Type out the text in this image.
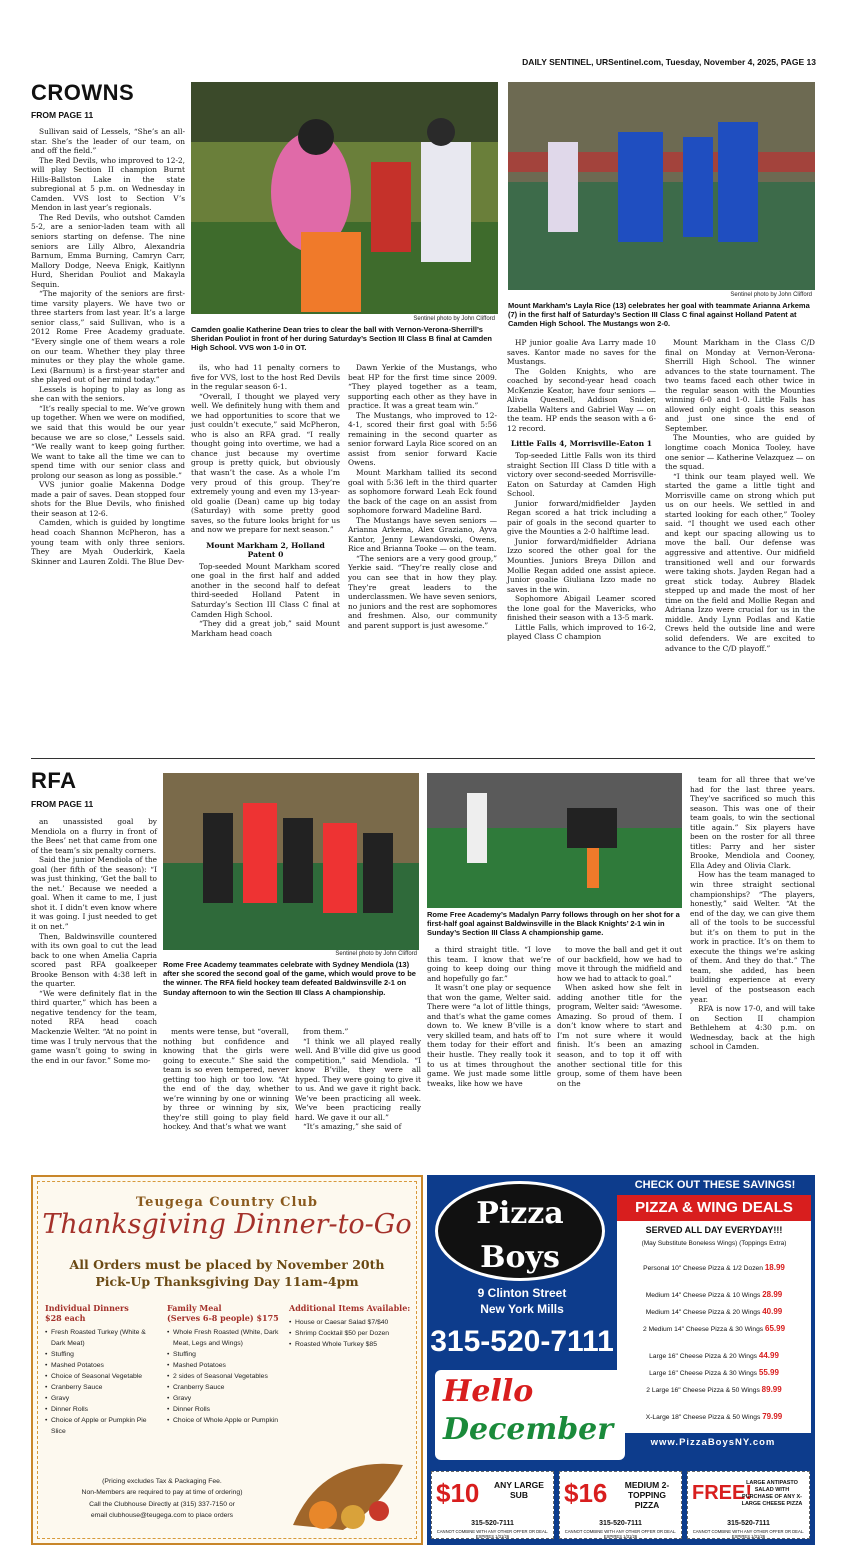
DAILY SENTINEL, URSentinel.com, Tuesday, November 4, 2025, PAGE 13
CROWNS
FROM PAGE 11

Sullivan said of Lessels, “She’s an all-star. She’s the leader of our team, on and off the field.”

The Red Devils, who improved to 12-2, will play Section II champion Burnt Hills-Ballston Lake in the state subregional at 5 p.m. on Wednesday in Camden. VVS lost to Section V’s Mendon in last year’s regionals.

The Red Devils, who outshot Camden 5-2, are a senior-laden team with all seniors starting on defense. The nine seniors are Lilly Albro, Alexandria Barnum, Emma Burning, Camryn Carr, Mallory Dodge, Neeva Enigk, Kaitlynn Hurd, Sheridan Pouliot and Makayla Sequin.

“The majority of the seniors are first-time varsity players. We have two or three starters from last year. It’s a large senior class,” said Sullivan, who is a 2012 Rome Free Academy graduate. “Every single one of them wears a role on our team. Whether they play three minutes or they play the whole game. Lexi (Barnum) is a first-year starter and she played out of her mind today.”

Lessels is hoping to play as long as she can with the seniors.

“It’s really special to me. We’ve grown up together. When we were on modified, we said that this would be our year because we are so close,” Lessels said. “We really want to keep going further. We want to take all the time we can to spend time with our senior class and prolong our season as long as possible.”

VVS junior goalie Makenna Dodge made a pair of saves. Dean stopped four shots for the Blue Devils, who finished their season at 12-6.

Camden, which is guided by longtime head coach Shannon McPheron, has a young team with only three seniors. They are Myah Ouderkirk, Kaela Skinner and Lauren Zoldi. The Blue Dev-

Sentinel photo by John Clifford
Camden goalie Katherine Dean tries to clear the ball with Vernon-Verona-Sherrill’s Sheridan Pouliot in front of her during Saturday’s Section III Class B final at Camden High School. VVS won 1-0 in OT.
Sentinel photo by John Clifford
Mount Markham’s Layla Rice (13) celebrates her goal with teammate Arianna Arkema (7) in the first half of Saturday’s Section III Class C final against Holland Patent at Camden High School. The Mustangs won 2-0.

ils, who had 11 penalty corners to five for VVS, lost to the host Red Devils in the regular season 6-1.

“Overall, I thought we played very well. We definitely hung with them and we had opportunities to score that we just couldn’t execute,” said McPheron, who is also an RFA grad. “I really thought going into overtime, we had a chance just because my overtime group is pretty quick, but obviously that wasn’t the case. As a whole I’m very proud of this group. They’re extremely young and even my 13-year-old goalie (Dean) came up big today (Saturday) with some pretty good saves, so the future looks bright for us and now we prepare for next season.”

Mount Markham 2, Holland Patent 0

Top-seeded Mount Markham scored one goal in the first half and added another in the second half to defeat third-seeded Holland Patent in Saturday’s Section III Class C final at Camden High School.

“They did a great job,” said Mount Markham head coach

Dawn Yerkie of the Mustangs, who beat HP for the first time since 2009. “They played together as a team, supporting each other as they have in practice. It was a great team win.”

The Mustangs, who improved to 12-4-1, scored their first goal with 5:56 remaining in the second quarter as senior forward Layla Rice scored on an assist from senior forward Kacie Owens.

Mount Markham tallied its second goal with 5:36 left in the third quarter as sophomore forward Leah Eck found the back of the cage on an assist from sophomore forward Madeline Bard.

The Mustangs have seven seniors — Arianna Arkema, Alex Graziano, Ayva Kantor, Jenny Lewandowski, Owens, Rice and Brianna Tooke — on the team.

“The seniors are a very good group,” Yerkie said. “They’re really close and you can see that in how they play. They’re great leaders to the underclassmen. We have seven seniors, no juniors and the rest are sophomores and freshmen. Also, our community and parent support is just awesome.”

HP junior goalie Ava Larry made 10 saves. Kantor made no saves for the Mustangs.

The Golden Knights, who are coached by second-year head coach McKenzie Keator, have four seniors — Alivia Quesnell, Addison Snider, Izabella Walters and Gabriel Way — on the team. HP ends the season with a 6-12 record.

Little Falls 4, Morrisville-Eaton 1

Top-seeded Little Falls won its third straight Section III Class D title with a victory over second-seeded Morrisville-Eaton on Saturday at Camden High School.

Junior forward/midfielder Jayden Regan scored a hat trick including a pair of goals in the second quarter to give the Mounties a 2-0 halftime lead.

Junior forward/midfielder Adriana Izzo scored the other goal for the Mounties. Juniors Breya Dillon and Mollie Regan added one assist apiece. Junior goalie Giuliana Izzo made no saves in the win.

Sophomore Abigail Leamer scored the lone goal for the Mavericks, who finished their season with a 13-5 mark.

Little Falls, which improved to 16-2, played Class C champion

Mount Markham in the Class C/D final on Monday at Vernon-Verona-Sherrill High School. The winner advances to the state tournament. The two teams faced each other twice in the regular season with the Mounties winning 6-0 and 1-0. Little Falls has allowed only eight goals this season and just one since the end of September.

The Mounties, who are guided by longtime coach Monica Tooley, have one senior — Katherine Velazquez — on the squad.

“I think our team played well. We started the game a little tight and Morrisville came on strong which put us on our heels. We settled in and started looking for each other,” Tooley said. “I thought we used each other and kept our spacing allowing us to move the ball. Our defense was aggressive and attentive. Our midfield transitioned well and our forwards were taking shots. Jayden Regan had a great stick today. Aubrey Bladek stepped up and made the most of her time on the field and Mollie Regan and Adriana Izzo were crucial for us in the middle. Andy Lynn Podlas and Katie Crews held the outside line and were solid defenders. We are excited to advance to the C/D playoff.”

RFA
FROM PAGE 11

an unassisted goal by Mendiola on a flurry in front of the Bees’ net that came from one of the team’s six penalty corners.

Said the junior Mendiola of the goal (her fifth of the season): “I was just thinking, ‘Get the ball to the net.’ Because we needed a goal. When it came to me, I just shot it. I didn’t even know where it was going. I just needed to get it on net.”

Then, Baldwinsville countered with its own goal to cut the lead back to one when Amelia Capria scored past RFA goalkeeper Brooke Benson with 4:38 left in the quarter.

“We were definitely flat in the third quarter,” which has been a negative tendency for the team, noted RFA head coach Mackenzie Welter. “At no point in time was I truly nervous that the game wasn’t going to swing in the end in our favor.” Some mo-

Sentinel photo by John Clifford
Rome Free Academy teammates celebrate with Sydney Mendiola (13) after she scored the second goal of the game, which would prove to be the winner. The RFA field hockey team defeated Baldwinsville 2-1 on Sunday afternoon to win the Section III Class A championship.
Rome Free Academy’s Madalyn Parry follows through on her shot for a first-half goal against Baldwinsville in the Black Knights’ 2-1 win in Sunday’s Section III Class A championship game.

ments were tense, but “overall, nothing but confidence and knowing that the girls were going to execute.” She said the team is so even tempered, never getting too high or too low. “At the end of the day, whether we’re winning by one or winning by three or winning by six, they’re still going to play field hockey. And that’s what we want

from them.”

“I think we all played really well. And B’ville did give us good competition,” said Mendiola. “I know B’ville, they were all hyped. They were going to give it to us. And we gave it right back. We’ve been practicing all week. We’ve been practicing really hard. We gave it our all.”

“It’s amazing,” she said of

a third straight title. “I love this team. I know that we’re going to keep doing our thing and hopefully go far.”

It wasn’t one play or sequence that won the game, Welter said. There were “a lot of little things, and that’s what the game comes down to. We knew B’ville is a very skilled team, and hats off to them today for their effort and their hustle. They really took it to us at times throughout the game. We just made some little tweaks, like how we have

to move the ball and get it out of our backfield, how we had to move it through the midfield and how we had to attack to goal.”

When asked how she felt in adding another title for the program, Welter said: “Awesome. Amazing. So proud of them. I don’t know where to start and I’m not sure where it would finish. It’s been an amazing season, and to top it off with another sectional title for this group, some of them have been on the

team for all three that we’ve had for the last three years. They’ve sacrificed so much this season. This was one of their team goals, to win the sectional title again.” Six players have been on the roster for all three titles: Parry and her sister Brooke, Mendiola and Cooney, Ella Adey and Olivia Clark.

How has the team managed to win three straight sectional championships? “The players, honestly,” said Welter. “At the end of the day, we can give them all of the tools to be successful but it’s on them to put in the work in practice. It’s on them to execute the things we’re asking of them. And they do that.” The team, she added, has been building experience at every level of the postseason each year.

RFA is now 17-0, and will take on Section II champion Bethlehem at 4:30 p.m. on Wednesday, back at the high school in Camden.

Teugega Country Club
Thanksgiving Dinner-to-Go
All Orders must be placed by November 20th
Pick-Up Thanksgiving Day 11am-4pm
Individual Dinners
$28 each
• Fresh Roasted Turkey (White & Dark Meat)
• Stuffing
• Mashed Potatoes
• Choice of Seasonal Vegetable
• Cranberry Sauce
• Gravy
• Dinner Rolls
• Choice of Apple or Pumpkin Pie Slice
Family Meal
(Serves 6-8 people) $175
• Whole Fresh Roasted (White, Dark Meat, Legs and Wings)
• Stuffing
• Mashed Potatoes
• 2 sides of Seasonal Vegetables
• Cranberry Sauce
• Gravy
• Dinner Rolls
• Choice of Whole Apple or Pumpkin
Additional Items Available:
• House or Caesar Salad $7/$40
• Shrimp Cocktail $50 per Dozen
• Roasted Whole Turkey $85
(Pricing excludes Tax & Packaging Fee.
Non-Members are required to pay at time of ordering)
Call the Clubhouse Directly at (315) 337-7150 or
email clubhouse@teugega.com to place orders
Pizza
Boys
9 Clinton Street
New York Mills
315-520-7111
Hello
December	www.PizzaBoysNY.com
CHECK OUT THESE SAVINGS!
PIZZA & WING DEALS
SERVED ALL DAY EVERYDAY!!!
(May Substitute Boneless Wings) (Toppings Extra)
Personal 10" Cheese Pizza & 1/2 Dozen 18.99
Medium 14" Cheese Pizza & 10 Wings 28.99
Medium 14" Cheese Pizza & 20 Wings 40.99
2 Medium 14" Cheese Pizza & 30 Wings 65.99
Large 16" Cheese Pizza & 20 Wings 44.99
Large 16" Cheese Pizza & 30 Wings 55.99
2 Large 16" Cheese Pizza & 50 Wings 89.99
X-Large 18" Cheese Pizza & 50 Wings 79.99
$10	ANY LARGE SUB
315-520-7111
CANNOT COMBINE WITH ANY OTHER OFFER OR DEAL. EXPIRES 1/31/26
$16	MEDIUM 2-TOPPING PIZZA
315-520-7111
CANNOT COMBINE WITH ANY OTHER OFFER OR DEAL. EXPIRES 1/31/26
FREE!
LARGE ANTIPASTO SALAD WITH PURCHASE OF ANY X-LARGE CHEESE PIZZA
315-520-7111
CANNOT COMBINE WITH ANY OTHER OFFER OR DEAL. EXPIRES 1/31/26
